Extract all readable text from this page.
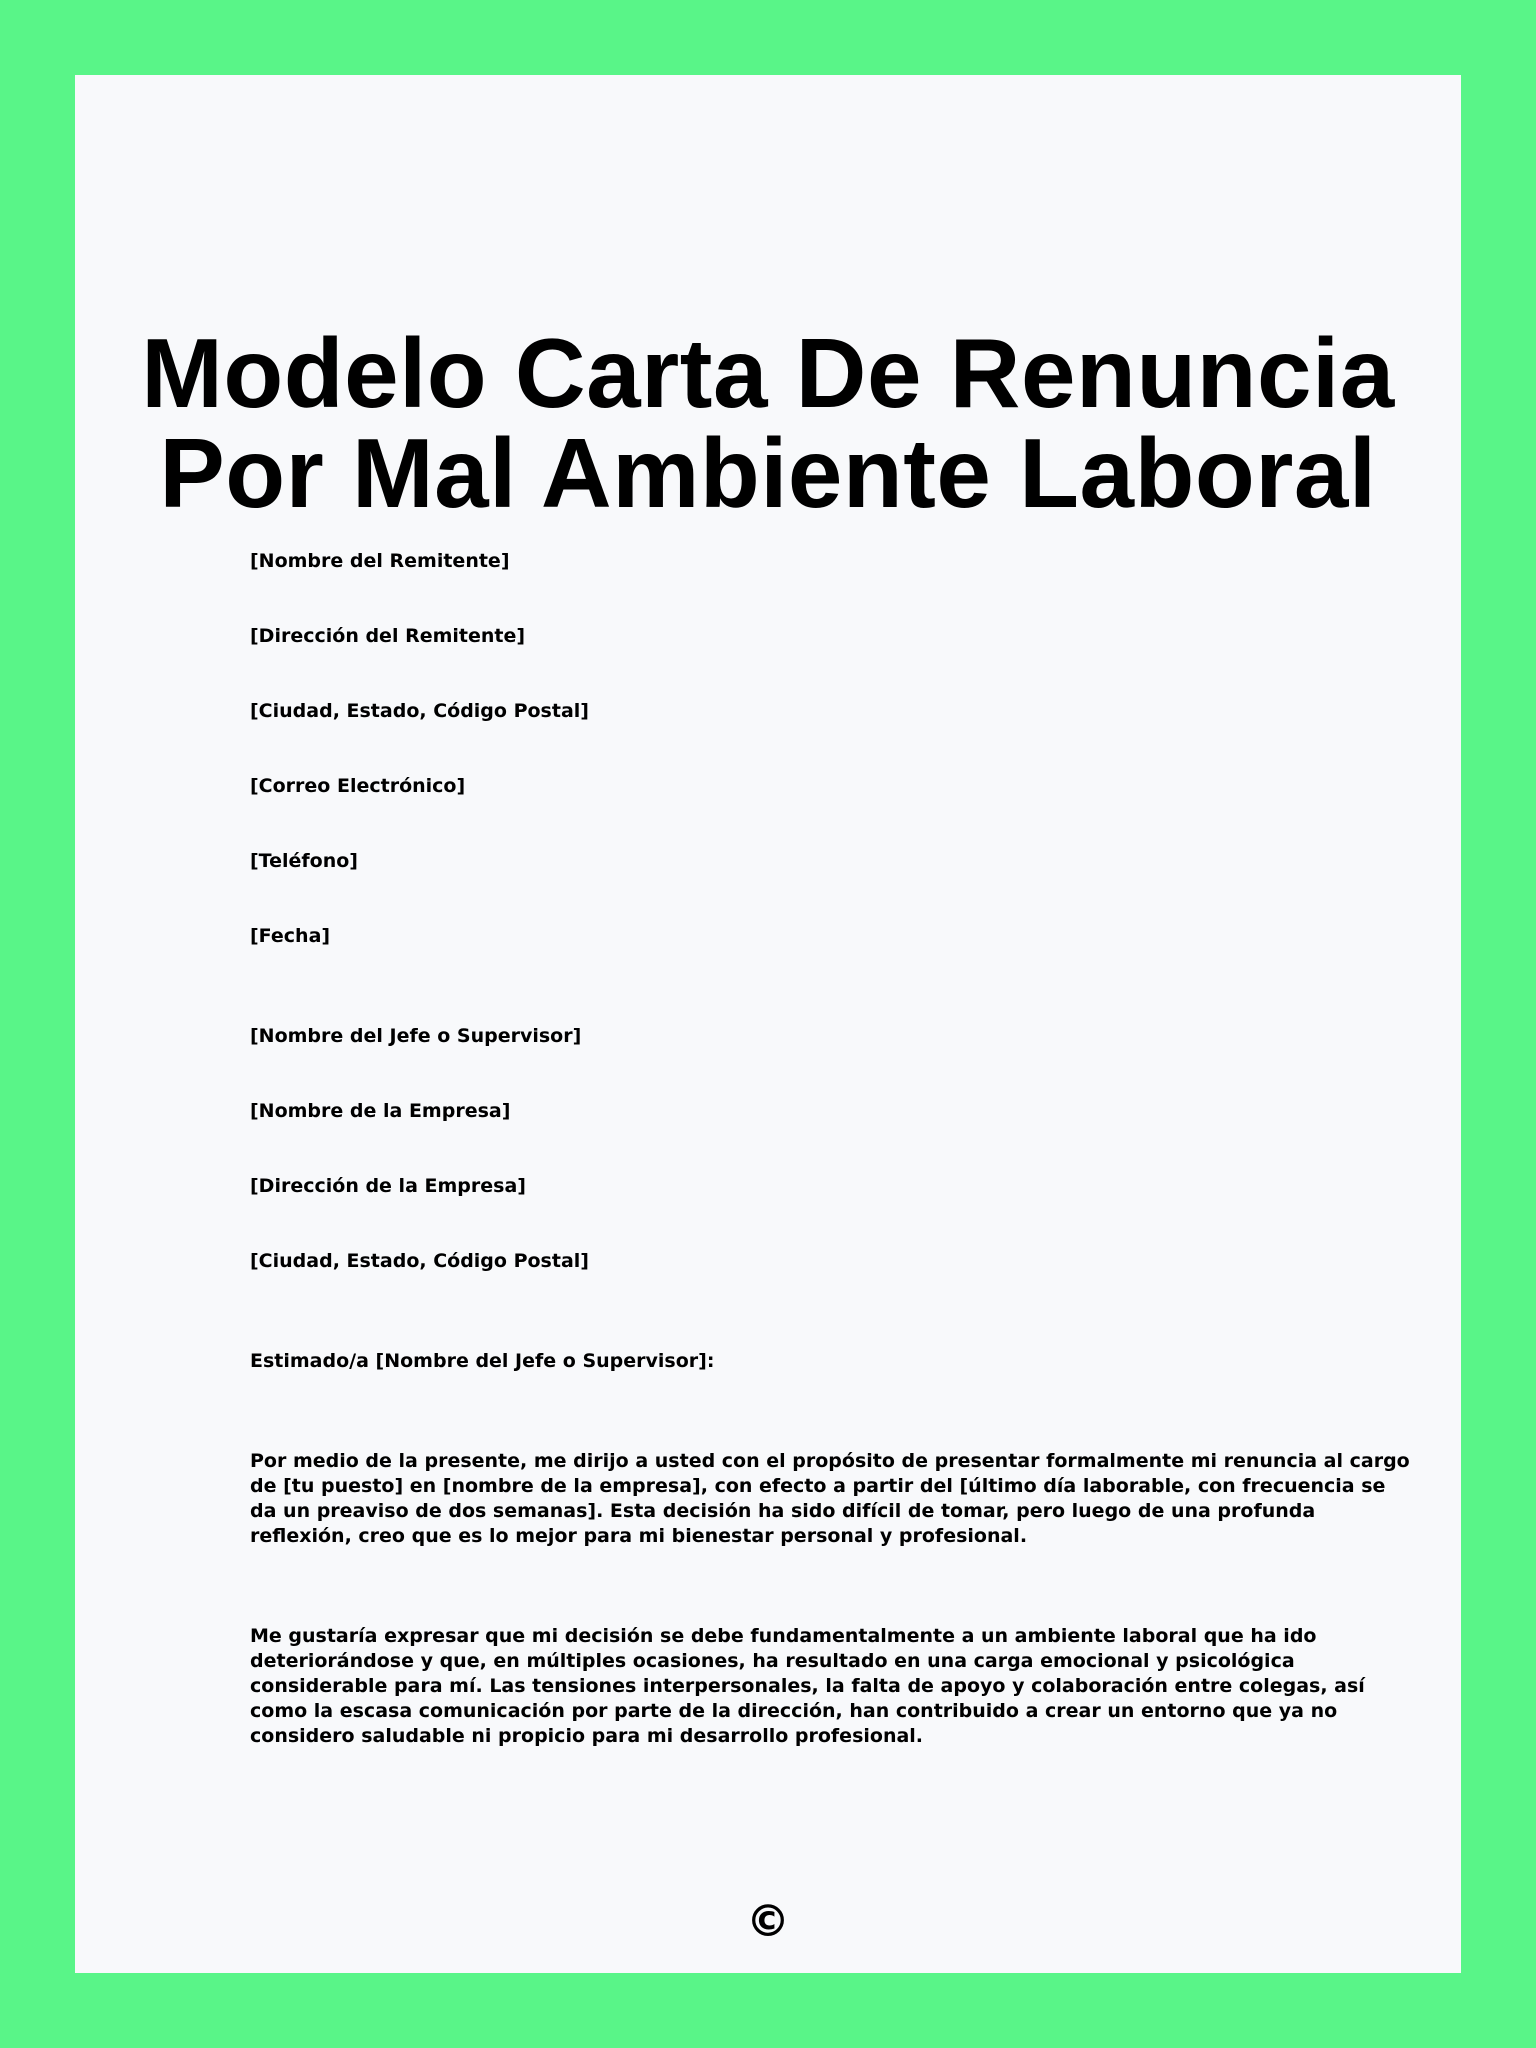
Modelo Carta De Renuncia
Por Mal Ambiente Laboral

[Nombre del Remitente]

[Dirección del Remitente]

[Ciudad, Estado, Código Postal]

[Correo Electrónico]

[Teléfono]

[Fecha]

[Nombre del Jefe o Supervisor]

[Nombre de la Empresa]

[Dirección de la Empresa]

[Ciudad, Estado, Código Postal]

Estimado/a [Nombre del Jefe o Supervisor]:

Por medio de la presente, me dirijo a usted con el propósito de presentar formalmente mi renuncia al cargo
de [tu puesto] en [nombre de la empresa], con efecto a partir del [último día laborable, con frecuencia se
da un preaviso de dos semanas]. Esta decisión ha sido difícil de tomar, pero luego de una profunda
reflexión, creo que es lo mejor para mi bienestar personal y profesional.
Me gustaría expresar que mi decisión se debe fundamentalmente a un ambiente laboral que ha ido
deteriorándose y que, en múltiples ocasiones, ha resultado en una carga emocional y psicológica
considerable para mí. Las tensiones interpersonales, la falta de apoyo y colaboración entre colegas, así
como la escasa comunicación por parte de la dirección, han contribuido a crear un entorno que ya no
considero saludable ni propicio para mi desarrollo profesional.
©
